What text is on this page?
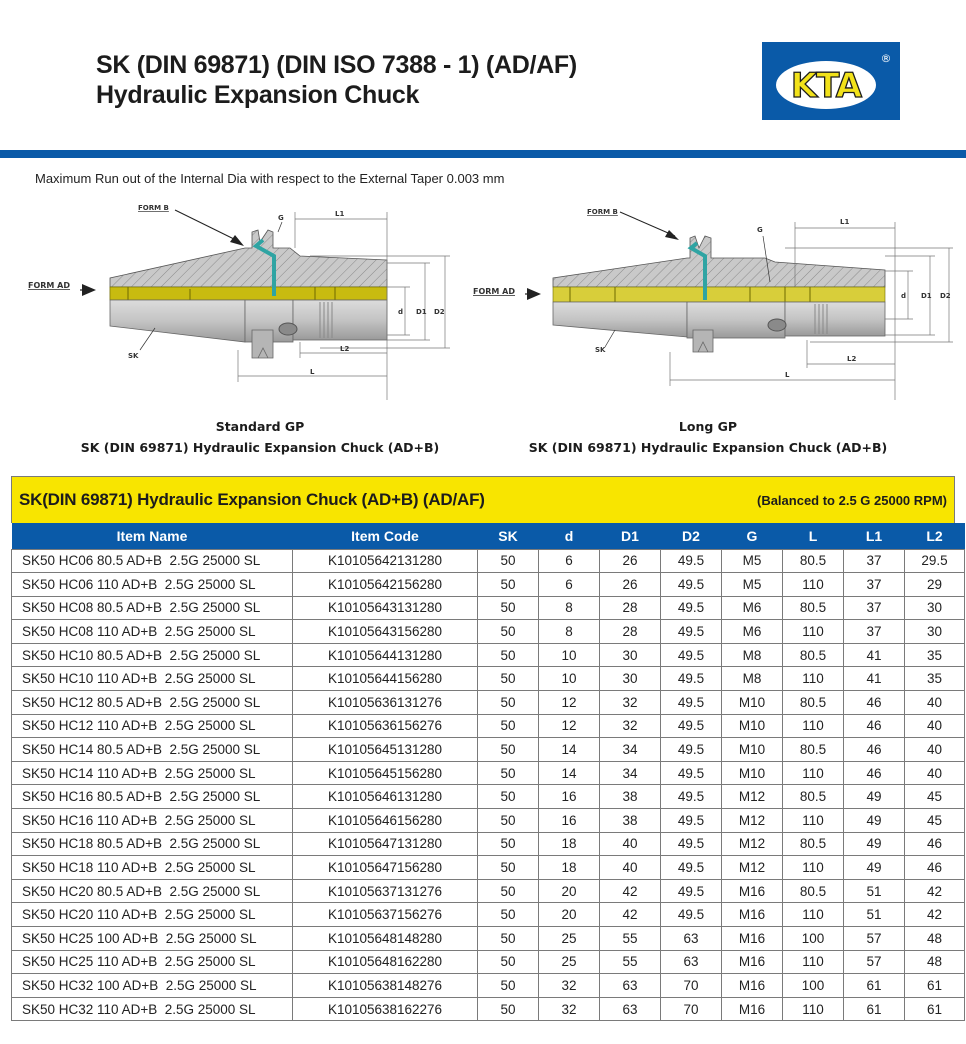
SK (DIN 69871) (DIN ISO 7388 - 1) (AD/AF)
Hydraulic Expansion Chuck	KTA
®
Maximum Run out of the Internal Dia with respect to the External Taper 0.003 mm
FORM B
FORM AD
SK
G	L1
L2
L
d D1 D2
FORM B
FORM AD
SK
G
L1
L2
L
d D1 D2
Standard GP
SK (DIN 69871) Hydraulic Expansion Chuck (AD+B)
Long GP
SK (DIN 69871) Hydraulic Expansion Chuck (AD+B)
SK(DIN 69871) Hydraulic Expansion Chuck (AD+B) (AD/AF)	(Balanced to 2.5 G 25000 RPM)
Item Name	Item Code	SK	d	D1	D2	G	L	L1	L2
SK50 HC06 80.5 AD+B  2.5G 25000 SL	K10105642131280	50	6	26	49.5	M5	80.5	37	29.5
SK50 HC06 110 AD+B  2.5G 25000 SL	K10105642156280	50	6	26	49.5	M5	110	37	29
SK50 HC08 80.5 AD+B  2.5G 25000 SL	K10105643131280	50	8	28	49.5	M6	80.5	37	30
SK50 HC08 110 AD+B  2.5G 25000 SL	K10105643156280	50	8	28	49.5	M6	110	37	30
SK50 HC10 80.5 AD+B  2.5G 25000 SL	K10105644131280	50	10	30	49.5	M8	80.5	41	35
SK50 HC10 110 AD+B  2.5G 25000 SL	K10105644156280	50	10	30	49.5	M8	110	41	35
SK50 HC12 80.5 AD+B  2.5G 25000 SL	K10105636131276	50	12	32	49.5	M10	80.5	46	40
SK50 HC12 110 AD+B  2.5G 25000 SL	K10105636156276	50	12	32	49.5	M10	110	46	40
SK50 HC14 80.5 AD+B  2.5G 25000 SL	K10105645131280	50	14	34	49.5	M10	80.5	46	40
SK50 HC14 110 AD+B  2.5G 25000 SL	K10105645156280	50	14	34	49.5	M10	110	46	40
SK50 HC16 80.5 AD+B  2.5G 25000 SL	K10105646131280	50	16	38	49.5	M12	80.5	49	45
SK50 HC16 110 AD+B  2.5G 25000 SL	K10105646156280	50	16	38	49.5	M12	110	49	45
SK50 HC18 80.5 AD+B  2.5G 25000 SL	K10105647131280	50	18	40	49.5	M12	80.5	49	46
SK50 HC18 110 AD+B  2.5G 25000 SL	K10105647156280	50	18	40	49.5	M12	110	49	46
SK50 HC20 80.5 AD+B  2.5G 25000 SL	K10105637131276	50	20	42	49.5	M16	80.5	51	42
SK50 HC20 110 AD+B  2.5G 25000 SL	K10105637156276	50	20	42	49.5	M16	110	51	42
SK50 HC25 100 AD+B  2.5G 25000 SL	K10105648148280	50	25	55	63	M16	100	57	48
SK50 HC25 110 AD+B  2.5G 25000 SL	K10105648162280	50	25	55	63	M16	110	57	48
SK50 HC32 100 AD+B  2.5G 25000 SL	K10105638148276	50	32	63	70	M16	100	61	61
SK50 HC32 110 AD+B  2.5G 25000 SL	K10105638162276	50	32	63	70	M16	110	61	61
